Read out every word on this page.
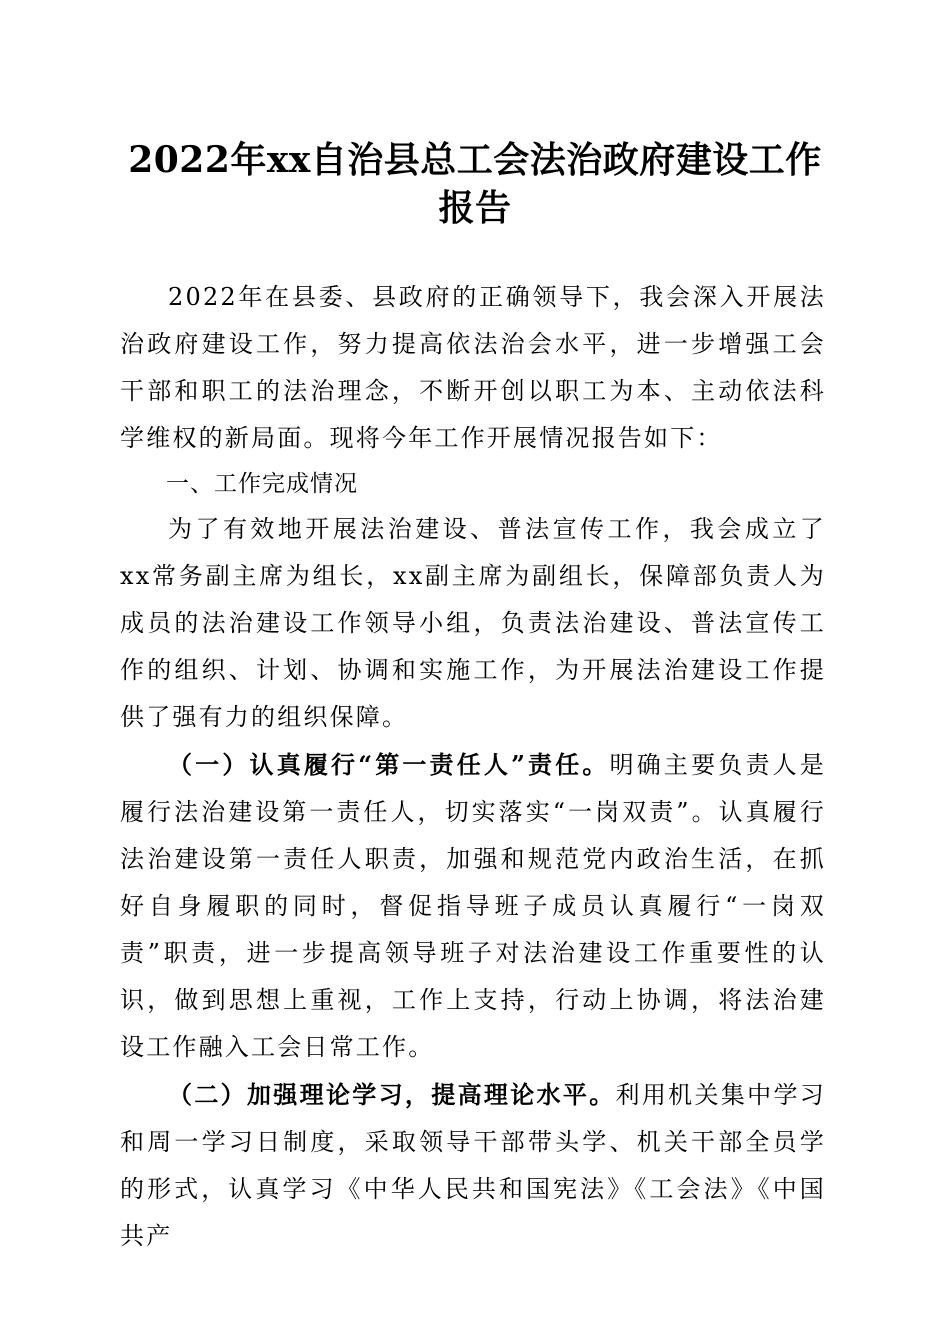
2022年xx自治县总工会法治政府建设工作报告

2022年在县委、县政府的正确领导下，我会深入开展法治政府建设工作，努力提高依法治会水平，进一步增强工会干部和职工的法治理念，不断开创以职工为本、主动依法科学维权的新局面。现将今年工作开展情况报告如下：

一、工作完成情况

为了有效地开展法治建设、普法宣传工作，我会成立了xx常务副主席为组长，xx副主席为副组长，保障部负责人为成员的法治建设工作领导小组，负责法治建设、普法宣传工作的组织、计划、协调和实施工作，为开展法治建设工作提供了强有力的组织保障。

（一）认真履行“第一责任人”责任。明确主要负责人是履行法治建设第一责任人，切实落实“一岗双责”。认真履行法治建设第一责任人职责，加强和规范党内政治生活，在抓好自身履职的同时，督促指导班子成员认真履行“一岗双责”职责，进一步提高领导班子对法治建设工作重要性的认识，做到思想上重视，工作上支持，行动上协调，将法治建设工作融入工会日常工作。

（二）加强理论学习，提高理论水平。利用机关集中学习和周一学习日制度，采取领导干部带头学、机关干部全员学的形式，认真学习《中华人民共和国宪法》《工会法》《中国共产
